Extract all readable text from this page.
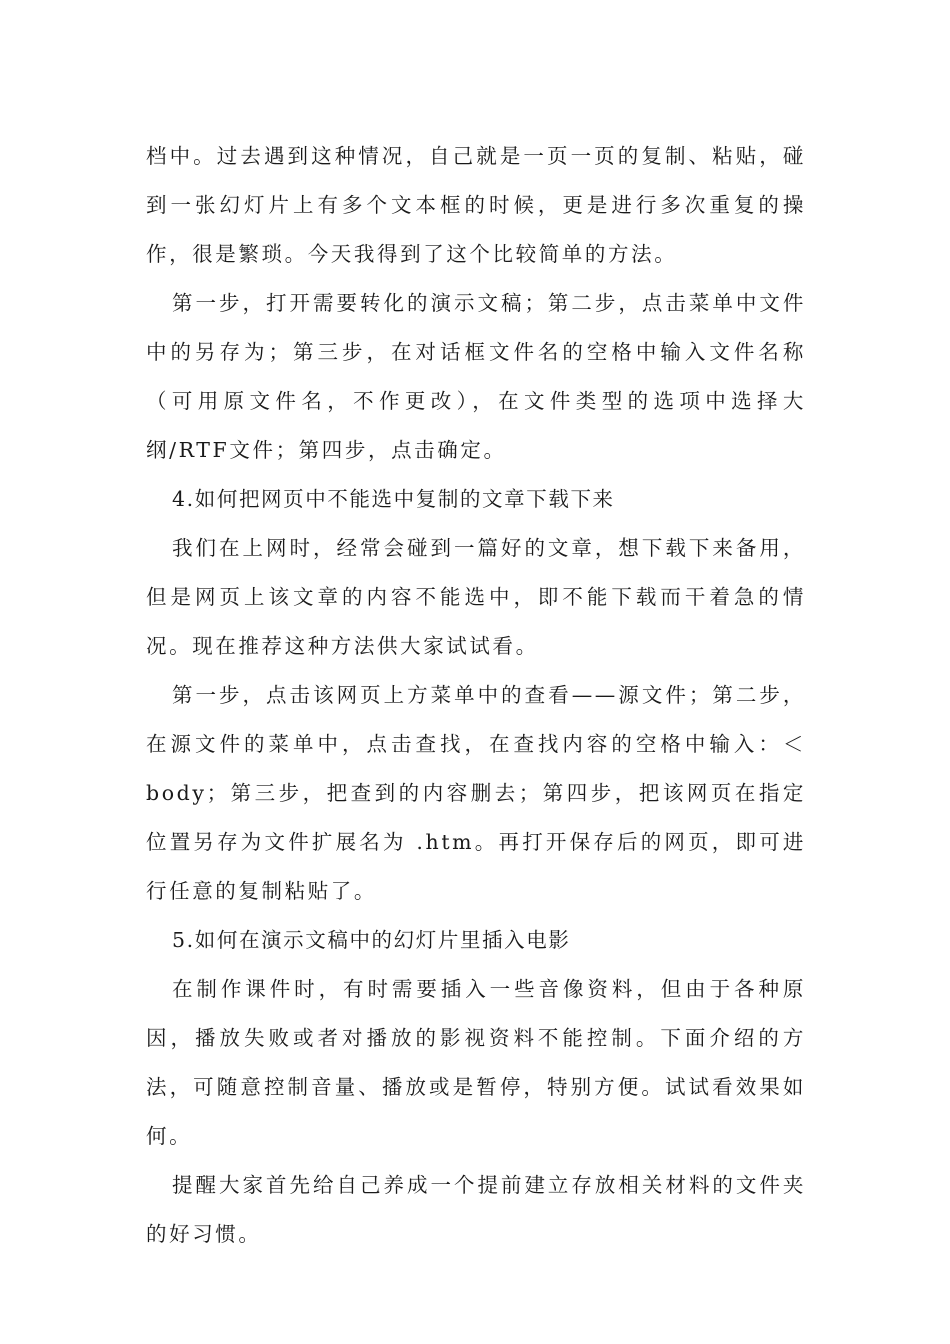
档中。过去遇到这种情况，自己就是一页一页的复制、粘贴，碰到一张幻灯片上有多个文本框的时候，更是进行多次重复的操作，很是繁琐。今天我得到了这个比较简单的方法。

第一步，打开需要转化的演示文稿；第二步，点击菜单中文件中的另存为；第三步，在对话框文件名的空格中输入文件名称（可用原文件名，不作更改），在文件类型的选项中选择大纲/RTF文件；第四步，点击确定。

4.如何把网页中不能选中复制的文章下载下来

我们在上网时，经常会碰到一篇好的文章，想下载下来备用，但是网页上该文章的内容不能选中，即不能下载而干着急的情况。现在推荐这种方法供大家试试看。

第一步，点击该网页上方菜单中的查看——源文件；第二步，在源文件的菜单中，点击查找，在查找内容的空格中输入：＜body；第三步，把查到的内容删去；第四步，把该网页在指定位置另存为文件扩展名为 .htm。再打开保存后的网页，即可进行任意的复制粘贴了。

5.如何在演示文稿中的幻灯片里插入电影

在制作课件时，有时需要插入一些音像资料，但由于各种原因，播放失败或者对播放的影视资料不能控制。下面介绍的方法，可随意控制音量、播放或是暂停，特别方便。试试看效果如何。

提醒大家首先给自己养成一个提前建立存放相关材料的文件夹的好习惯。
